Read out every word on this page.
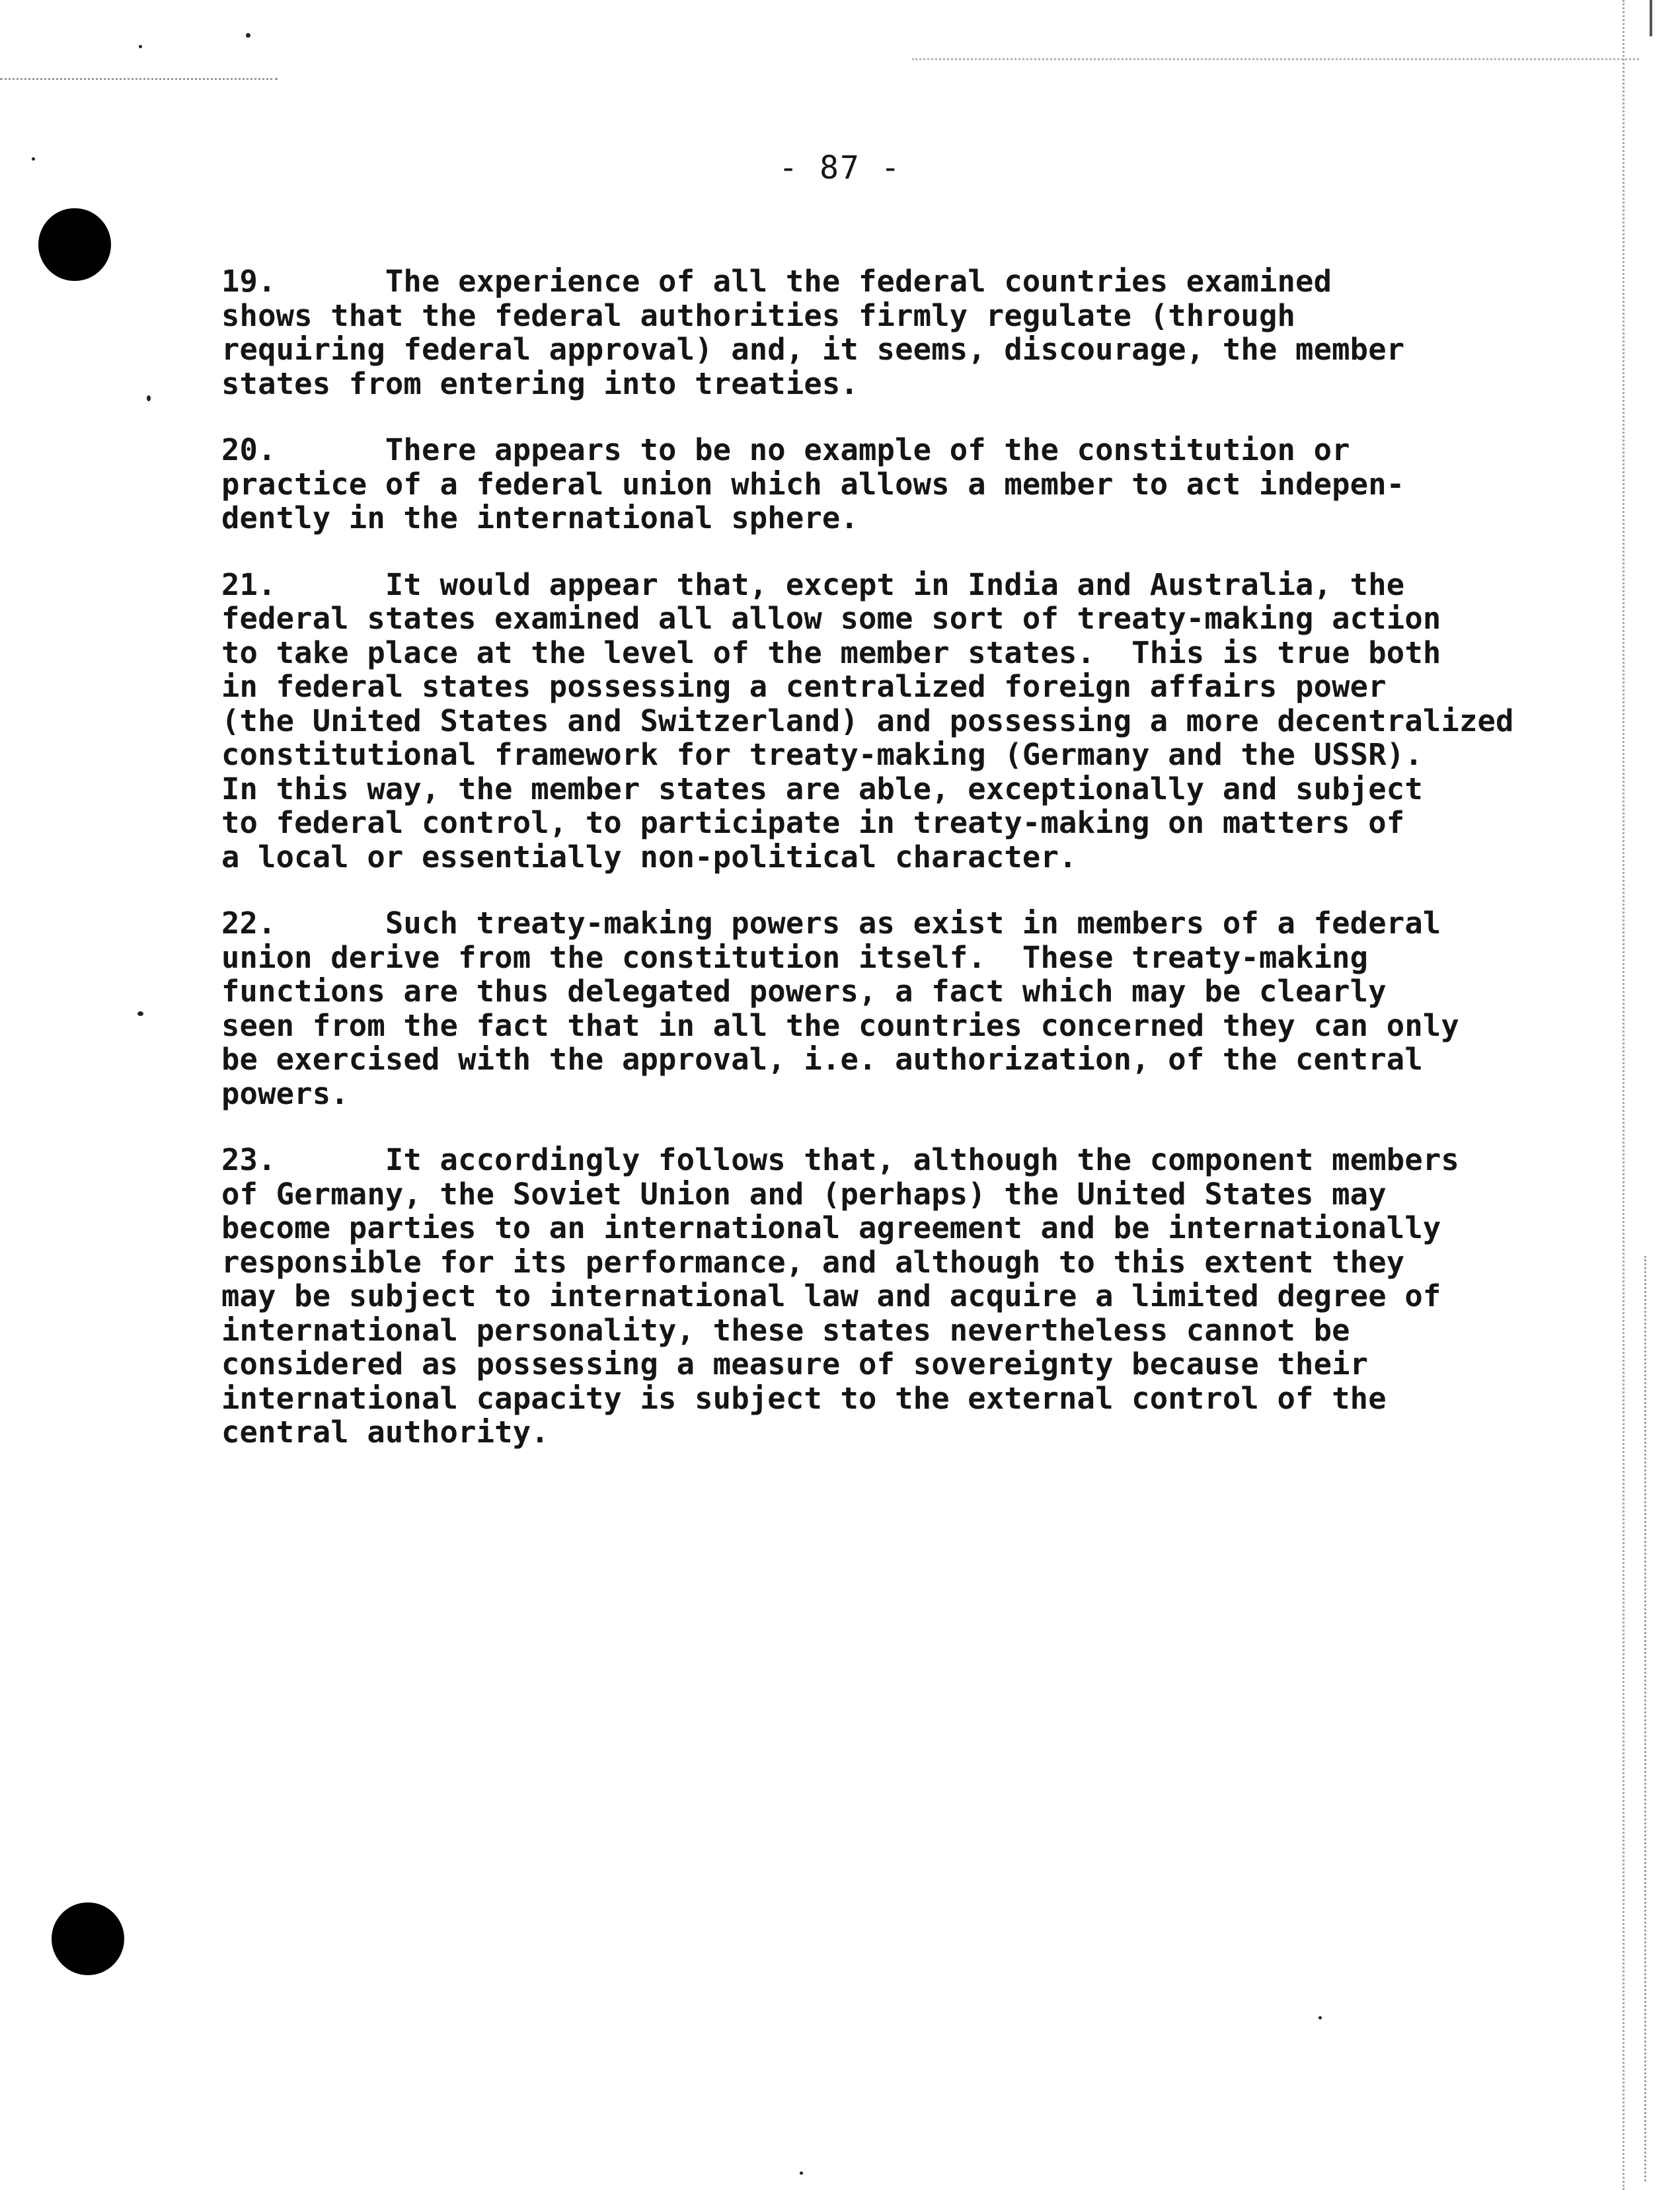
- 87 -
19.      The experience of all the federal countries examined
shows that the federal authorities firmly regulate (through
requiring federal approval) and, it seems, discourage, the member
states from entering into treaties.
20.      There appears to be no example of the constitution or
practice of a federal union which allows a member to act indepen-
dently in the international sphere.
21.      It would appear that, except in India and Australia, the
federal states examined all allow some sort of treaty-making action
to take place at the level of the member states.  This is true both
in federal states possessing a centralized foreign affairs power
(the United States and Switzerland) and possessing a more decentralized
constitutional framework for treaty-making (Germany and the USSR).
In this way, the member states are able, exceptionally and subject
to federal control, to participate in treaty-making on matters of
a local or essentially non-political character.
22.      Such treaty-making powers as exist in members of a federal
union derive from the constitution itself.  These treaty-making
functions are thus delegated powers, a fact which may be clearly
seen from the fact that in all the countries concerned they can only
be exercised with the approval, i.e. authorization, of the central
powers.
23.      It accordingly follows that, although the component members
of Germany, the Soviet Union and (perhaps) the United States may
become parties to an international agreement and be internationally
responsible for its performance, and although to this extent they
may be subject to international law and acquire a limited degree of
international personality, these states nevertheless cannot be
considered as possessing a measure of sovereignty because their
international capacity is subject to the external control of the
central authority.
